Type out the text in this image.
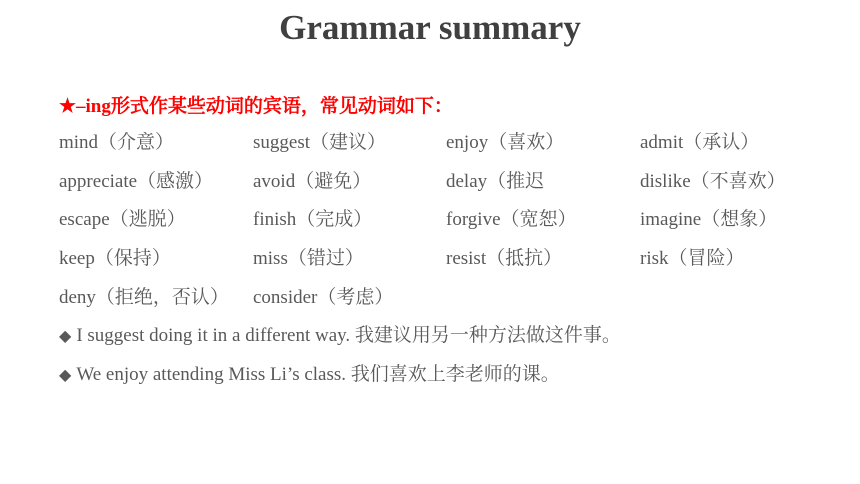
Grammar summary
★–ing形式作某些动词的宾语，常见动词如下：
mind（介意）	suggest（建议）	enjoy（喜欢）	admit（承认）
appreciate（感激） avoid（避免）	delay（推迟	dislike（不喜欢）
escape（逃脱）	finish（完成）	forgive（宽恕）	imagine（想象）
keep（保持）	miss（错过）	resist（抵抗）	risk（冒险）
deny（拒绝，否认） consider（考虑）
◆ I suggest doing it in a different way. 我建议用另一种方法做这件事。
◆ We enjoy attending Miss Li’s class. 我们喜欢上李老师的课。
